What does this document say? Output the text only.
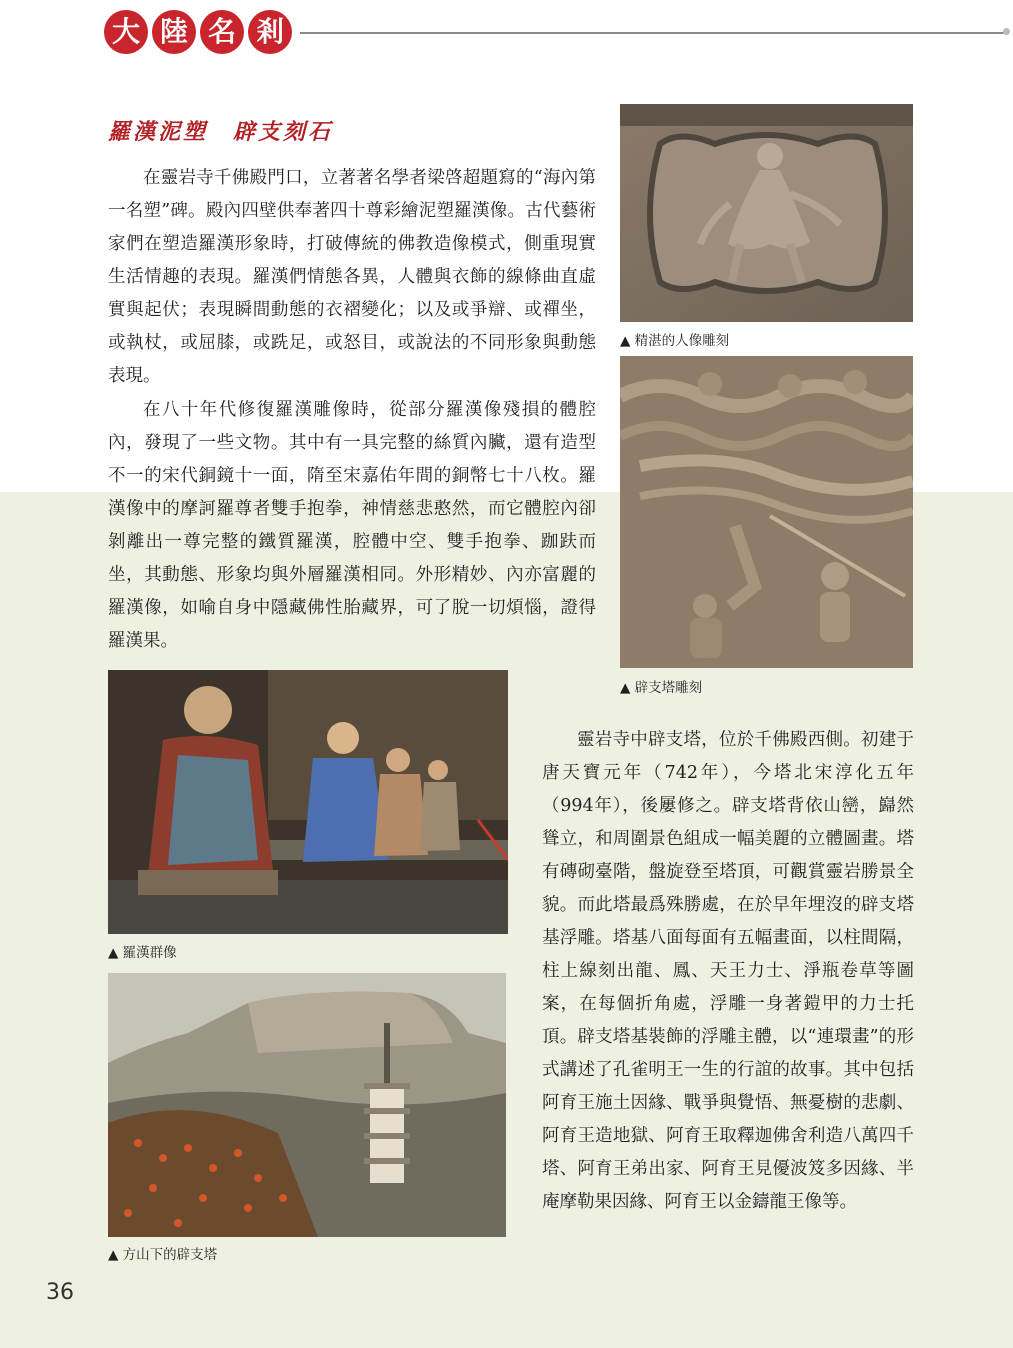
大 陸 名 剎
羅漢泥塑　辟支刻石

在靈岩寺千佛殿門口，立著著名學者梁啓超題寫的“海內第一名塑”碑。殿內四壁供奉著四十尊彩繪泥塑羅漢像。古代藝術家們在塑造羅漢形象時，打破傳統的佛教造像模式，側重現實生活情趣的表現。羅漢們情態各異，人體與衣飾的線條曲直虛實與起伏；表現瞬間動態的衣褶變化；以及或爭辯、或禪坐，或執杖，或屈膝，或跣足，或怒目，或說法的不同形象與動態表現。

在八十年代修復羅漢雕像時，從部分羅漢像殘損的體腔內，發現了一些文物。其中有一具完整的絲質內臟，還有造型不一的宋代銅鏡十一面，隋至宋嘉佑年間的銅幣七十八枚。羅漢像中的摩訶羅尊者雙手抱拳，神情慈悲憨然，而它體腔內卻剝離出一尊完整的鐵質羅漢，腔體中空、雙手抱拳、跏趺而坐，其動態、形象均與外層羅漢相同。外形精妙、內亦富麗的羅漢像，如喻自身中隱藏佛性胎藏界，可了脫一切煩惱，證得羅漢果。

靈岩寺中辟支塔，位於千佛殿西側。初建于唐天寶元年（742年），今塔北宋淳化五年（994年），後屢修之。辟支塔背依山巒，巋然聳立，和周圍景色組成一幅美麗的立體圖畫。塔有磚砌臺階，盤旋登至塔頂，可觀賞靈岩勝景全貌。而此塔最爲殊勝處，在於早年埋沒的辟支塔基浮雕。塔基八面每面有五幅畫面，以柱間隔，柱上線刻出龍、鳳、天王力士、淨瓶卷草等圖案，在每個折角處，浮雕一身著鎧甲的力士托頂。辟支塔基裝飾的浮雕主體，以“連環畫”的形式講述了孔雀明王一生的行誼的故事。其中包括阿育王施土因緣、戰爭與覺悟、無憂樹的悲劇、阿育王造地獄、阿育王取釋迦佛舍利造八萬四千塔、阿育王弟出家、阿育王見優波笈多因緣、半庵摩勒果因緣、阿育王以金鑄龍王像等。

▲ 精湛的人像雕刻
▲ 辟支塔雕刻
▲ 羅漢群像
▲ 方山下的辟支塔
36
